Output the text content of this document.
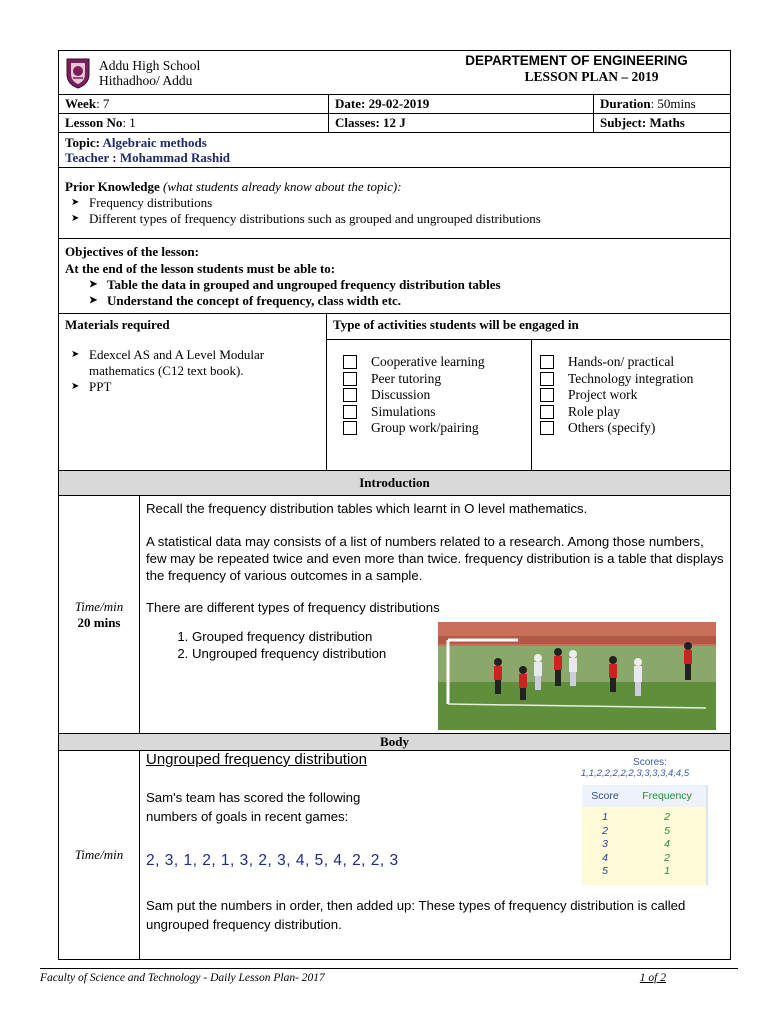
Addu High School
Hithadhoo/ Addu
DEPARTEMENT OF ENGINEERING
LESSON PLAN – 2019
Week: 7	Date: 29-02-2019	Duration: 50mins
Lesson No: 1	Classes: 12 J	Subject: Maths
Topic: Algebraic methods
Teacher : Mohammad Rashid
Prior Knowledge (what students already know about the topic):
➤ Frequency distributions
➤ Different types of frequency distributions such as grouped and ungrouped distributions
Objectives of the lesson:
At the end of the lesson students must be able to:
➤ Table the data in grouped and ungrouped frequency distribution tables
➤ Understand the concept of frequency, class width etc.
Materials required
➤ Edexcel AS and A Level Modular mathematics (C12 text book).
➤ PPT
Type of activities students will be engaged in
Cooperative learning
Peer tutoring
Discussion
Simulations
Group work/pairing
Hands-on/ practical
Technology integration
Project work
Role play
Others (specify)
Introduction
Time/min
20 mins
Recall the frequency distribution tables which learnt in O level mathematics.
A statistical data may consists of a list of numbers related to a research. Among those numbers, few may be repeated twice and even more than twice. frequency distribution is a table that displays the frequency of various outcomes in a sample.
There are different types of frequency distributions
1. Grouped frequency distribution
2. Ungrouped frequency distribution
Body
Time/min
Ungrouped frequency distribution
Sam's team has scored the following numbers of goals in recent games:
2, 3, 1, 2, 1, 3, 2, 3, 4, 5, 4, 2, 2, 3
Sam put the numbers in order, then added up: These types of frequency distribution is called ungrouped frequency distribution.
Scores:
1,1,2,2,2,2,2,3,3,3,3,4,4,5
Score	Frequency
1	2
2	5
3	4
4	2
5	1
Faculty of Science and Technology - Daily Lesson Plan- 2017	1 of 2
